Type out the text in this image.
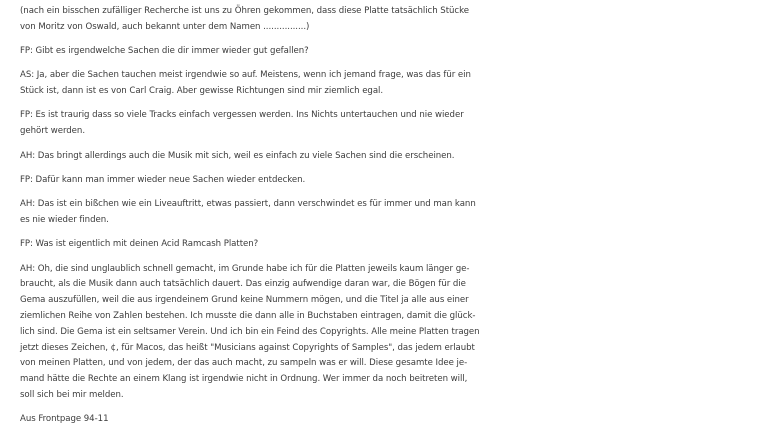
(nach ein bisschen zufälliger Recherche ist uns zu Öhren gekommen, dass diese Platte tatsächlich Stücke
von Moritz von Oswald, auch bekannt unter dem Namen ................)

FP: Gibt es irgendwelche Sachen die dir immer wieder gut gefallen?

AS: Ja, aber die Sachen tauchen meist irgendwie so auf. Meistens, wenn ich jemand frage, was das für ein
Stück ist, dann ist es von Carl Craig. Aber gewisse Richtungen sind mir ziemlich egal.

FP: Es ist traurig dass so viele Tracks einfach vergessen werden. Ins Nichts untertauchen und nie wieder
gehört werden.

AH: Das bringt allerdings auch die Musik mit sich, weil es einfach zu viele Sachen sind die erscheinen.

FP: Dafür kann man immer wieder neue Sachen wieder entdecken.

AH: Das ist ein bißchen wie ein Liveauftritt, etwas passiert, dann verschwindet es für immer und man kann
es nie wieder finden.

FP: Was ist eigentlich mit deinen Acid Ramcash Platten?

AH: Oh, die sind unglaublich schnell gemacht, im Grunde habe ich für die Platten jeweils kaum länger ge-
braucht, als die Musik dann auch tatsächlich dauert. Das einzig aufwendige daran war, die Bögen für die
Gema auszufüllen, weil die aus irgendeinem Grund keine Nummern mögen, und die Titel ja alle aus einer
ziemlichen Reihe von Zahlen bestehen. Ich musste die dann alle in Buchstaben eintragen, damit die glück-
lich sind. Die Gema ist ein seltsamer Verein. Und ich bin ein Feind des Copyrights. Alle meine Platten tragen
jetzt dieses Zeichen, ¢, für Macos, das heißt "Musicians against Copyrights of Samples", das jedem erlaubt
von meinen Platten, und von jedem, der das auch macht, zu sampeln was er will. Diese gesamte Idee je-
mand hätte die Rechte an einem Klang ist irgendwie nicht in Ordnung. Wer immer da noch beitreten will,
soll sich bei mir melden.

Aus Frontpage 94-11
